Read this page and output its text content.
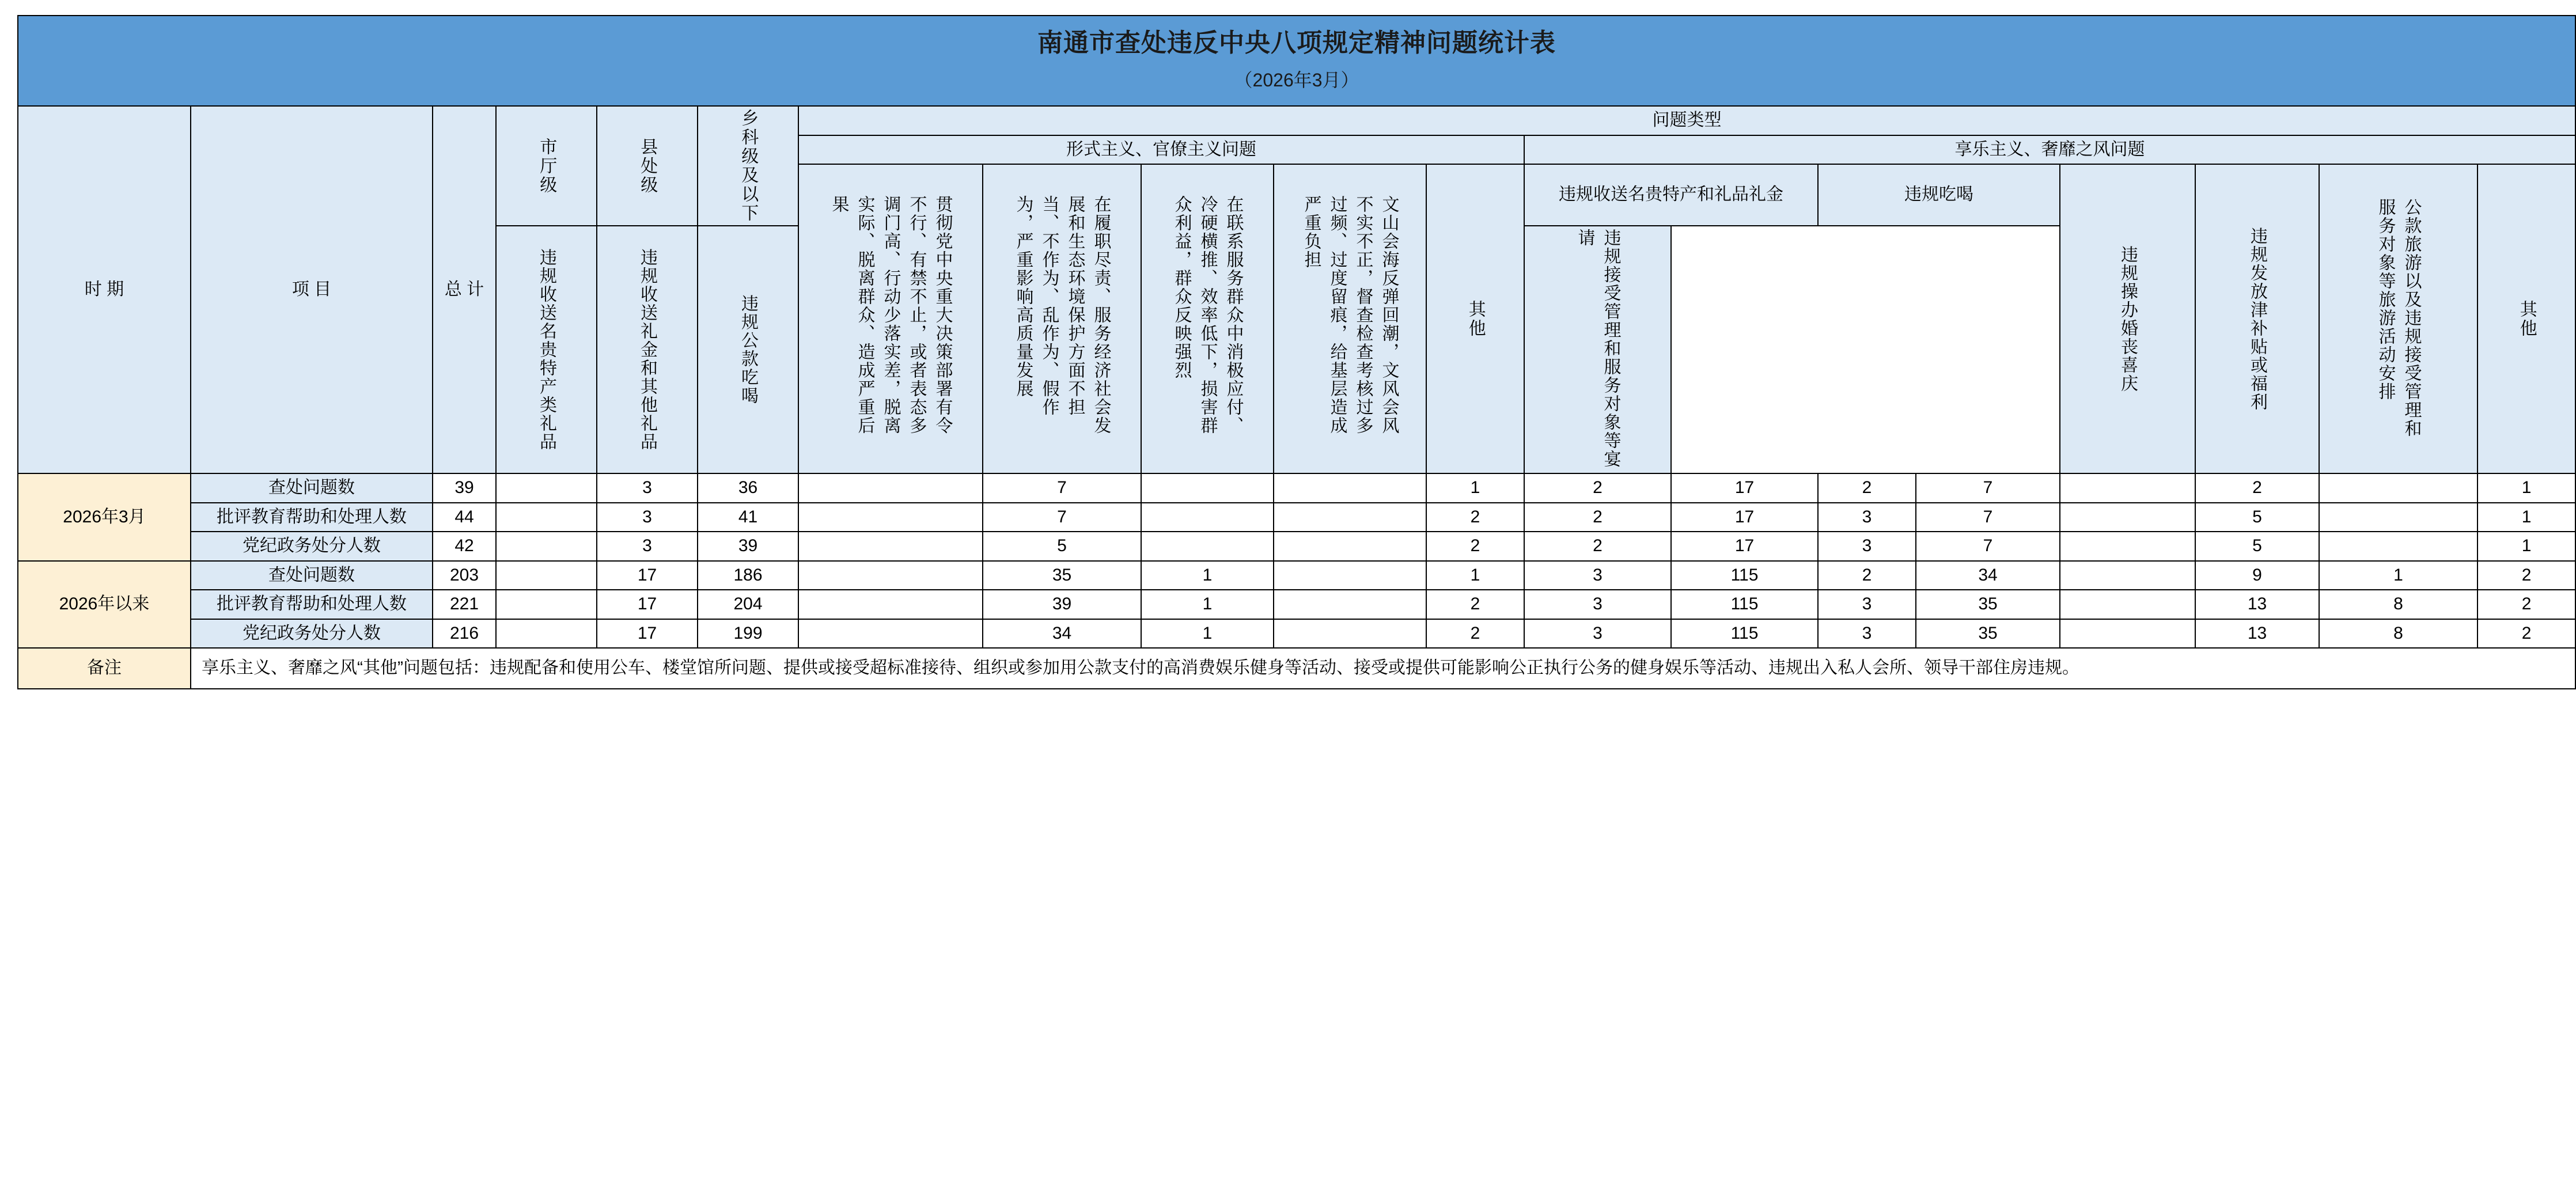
南通市查处违反中央八项规定精神问题统计表
（2026年3月）																		

时 期	项 目	总 计	市厅级	县处级	乡科级及以下	问题类型												
						形式主义、官僚主义问题					享乐主义、奢靡之风问题							

						贯彻党中央重大决策部署有令不行、有禁不止，或者表态多调门高、行动少落实差，脱离实际、脱离群众、造成严重后果	在履职尽责、服务经济社会发展和生态环境保护方面不担当、不作为、乱作为、假作为，严重影响高质量发展	在联系服务群众中消极应付、冷硬横推、效率低下，损害群众利益，群众反映强烈	文山会海反弹回潮，文风会风不实不正，督查检查考核过多过频、过度留痕，给基层造成严重负担	其他	违规收送名贵特产和礼品礼金		违规吃喝		违规操办婚丧喜庆	违规发放津补贴或福利	公款旅游以及违规接受管理和服务对象等旅游活动安排	其他

			违规收送名贵特产类礼品	违规收送礼金和其他礼品	违规公款吃喝						违规接受管理和服务对象等宴请							

2026年3月	查处问题数	39		3	36		7			1	2	17	2	7		2		1
	批评教育帮助和处理人数	44		3	41		7			2	2	17	3	7		5		1
	党纪政务处分人数	42		3	39		5			2	2	17	3	7		5		1
2026年以来	查处问题数	203		17	186		35	1		1	3	115	2	34		9	1	2
	批评教育帮助和处理人数	221		17	204		39	1		2	3	115	3	35		13	8	2
	党纪政务处分人数	216		17	199		34	1		2	3	115	3	35		13	8	2
备注	享乐主义、奢靡之风“其他”问题包括：违规配备和使用公车、楼堂馆所问题、提供或接受超标准接待、组织或参加用公款支付的高消费娱乐健身等活动、接受或提供可能影响公正执行公务的健身娱乐等活动、违规出入私人会所、领导干部住房违规。																	
